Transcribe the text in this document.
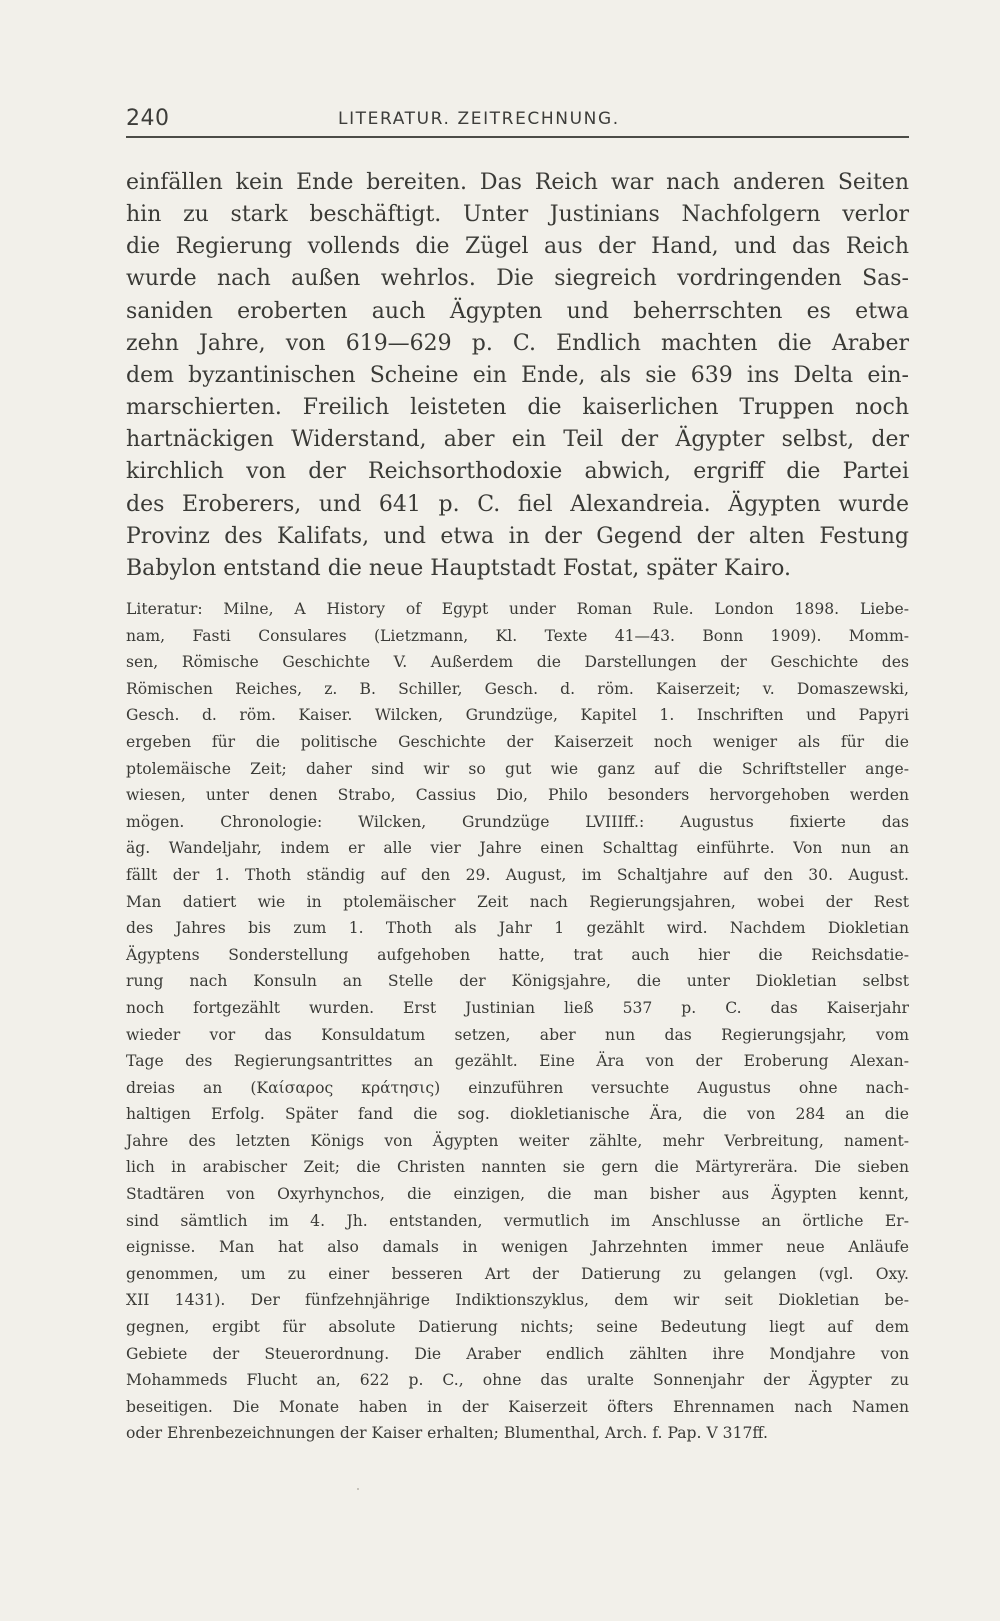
240	LITERATUR. ZEITRECHNUNG.
einfällen kein Ende bereiten. Das Reich war nach anderen Seiten
hin zu stark beschäftigt. Unter Justinians Nachfolgern verlor
die Regierung vollends die Zügel aus der Hand, und das Reich
wurde nach außen wehrlos. Die siegreich vordringenden Sas-
saniden eroberten auch Ägypten und beherrschten es etwa
zehn Jahre, von 619—629 p. C. Endlich machten die Araber
dem byzantinischen Scheine ein Ende, als sie 639 ins Delta ein-
marschierten. Freilich leisteten die kaiserlichen Truppen noch
hartnäckigen Widerstand, aber ein Teil der Ägypter selbst, der
kirchlich von der Reichsorthodoxie abwich, ergriff die Partei
des Eroberers, und 641 p. C. fiel Alexandreia. Ägypten wurde
Provinz des Kalifats, und etwa in der Gegend der alten Festung
Babylon entstand die neue Hauptstadt Fostat, später Kairo.
Literatur: Milne, A History of Egypt under Roman Rule. London 1898. Liebe-
nam, Fasti Consulares (Lietzmann, Kl. Texte 41—43. Bonn 1909). Momm-
sen, Römische Geschichte V. Außerdem die Darstellungen der Geschichte des
Römischen Reiches, z. B. Schiller, Gesch. d. röm. Kaiserzeit; v. Domaszewski,
Gesch. d. röm. Kaiser. Wilcken, Grundzüge, Kapitel 1. Inschriften und Papyri
ergeben für die politische Geschichte der Kaiserzeit noch weniger als für die
ptolemäische Zeit; daher sind wir so gut wie ganz auf die Schriftsteller ange-
wiesen, unter denen Strabo, Cassius Dio, Philo besonders hervorgehoben werden
mögen. Chronologie: Wilcken, Grundzüge LVIIIff.: Augustus fixierte das
äg. Wandeljahr, indem er alle vier Jahre einen Schalttag einführte. Von nun an
fällt der 1. Thoth ständig auf den 29. August, im Schaltjahre auf den 30. August.
Man datiert wie in ptolemäischer Zeit nach Regierungsjahren, wobei der Rest
des Jahres bis zum 1. Thoth als Jahr 1 gezählt wird. Nachdem Diokletian
Ägyptens Sonderstellung aufgehoben hatte, trat auch hier die Reichsdatie-
rung nach Konsuln an Stelle der Königsjahre, die unter Diokletian selbst
noch fortgezählt wurden. Erst Justinian ließ 537 p. C. das Kaiserjahr
wieder vor das Konsuldatum setzen, aber nun das Regierungsjahr, vom
Tage des Regierungsantrittes an gezählt. Eine Ära von der Eroberung Alexan-
dreias an (Καίσαρος κράτησις) einzuführen versuchte Augustus ohne nach-
haltigen Erfolg. Später fand die sog. diokletianische Ära, die von 284 an die
Jahre des letzten Königs von Ägypten weiter zählte, mehr Verbreitung, nament-
lich in arabischer Zeit; die Christen nannten sie gern die Märtyrerära. Die sieben
Stadtären von Oxyrhynchos, die einzigen, die man bisher aus Ägypten kennt,
sind sämtlich im 4. Jh. entstanden, vermutlich im Anschlusse an örtliche Er-
eignisse. Man hat also damals in wenigen Jahrzehnten immer neue Anläufe
genommen, um zu einer besseren Art der Datierung zu gelangen (vgl. Oxy.
XII 1431). Der fünfzehnjährige Indiktionszyklus, dem wir seit Diokletian be-
gegnen, ergibt für absolute Datierung nichts; seine Bedeutung liegt auf dem
Gebiete der Steuerordnung. Die Araber endlich zählten ihre Mondjahre von
Mohammeds Flucht an, 622 p. C., ohne das uralte Sonnenjahr der Ägypter zu
beseitigen. Die Monate haben in der Kaiserzeit öfters Ehrennamen nach Namen
oder Ehrenbezeichnungen der Kaiser erhalten; Blumenthal, Arch. f. Pap. V 317ff.
